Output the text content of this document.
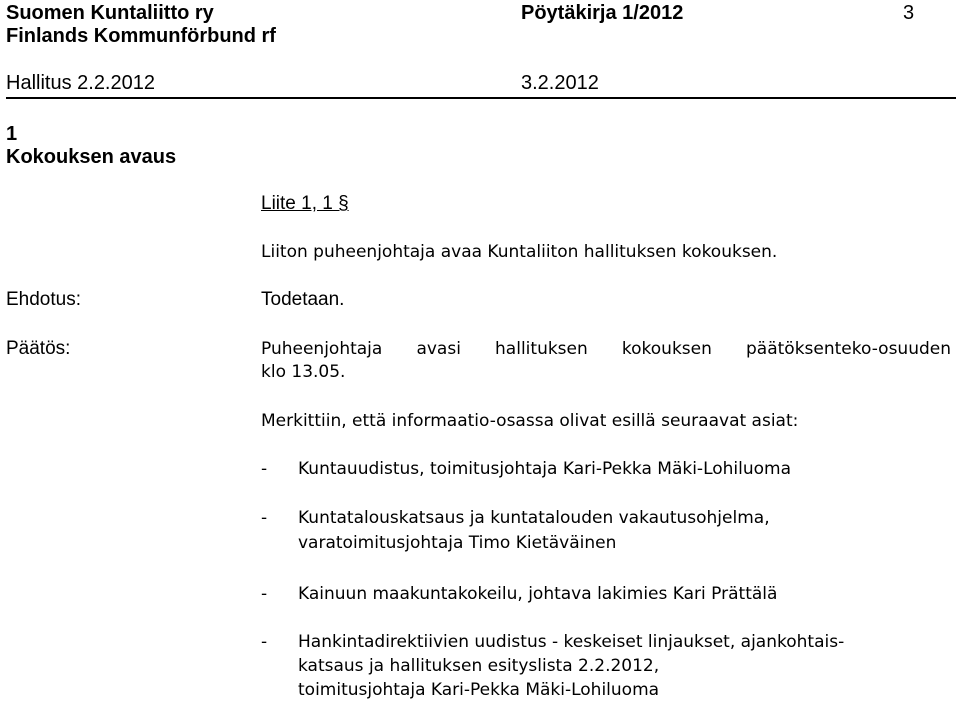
Suomen Kuntaliitto ry
Finlands Kommunförbund rf
Pöytäkirja 1/2012	3
Hallitus 2.2.2012	3.2.2012
1
Kokouksen avaus
Liite 1, 1 §
Liiton puheenjohtaja avaa Kuntaliiton hallituksen kokouksen.
Ehdotus:	Todetaan.
Päätös:	Puheenjohtaja avasi hallituksen kokouksen päätöksenteko-osuuden
klo 13.05.
Merkittiin, että informaatio-osassa olivat esillä seuraavat asiat:
- Kuntauudistus, toimitusjohtaja Kari-Pekka Mäki-Lohiluoma
- Kuntatalouskatsaus ja kuntatalouden vakautusohjelma,
varatoimitusjohtaja Timo Kietäväinen
- Kainuun maakuntakokeilu, johtava lakimies Kari Prättälä
- Hankintadirektiivien uudistus - keskeiset linjaukset, ajankohtais-
katsaus ja hallituksen esityslista 2.2.2012,
toimitusjohtaja Kari-Pekka Mäki-Lohiluoma
